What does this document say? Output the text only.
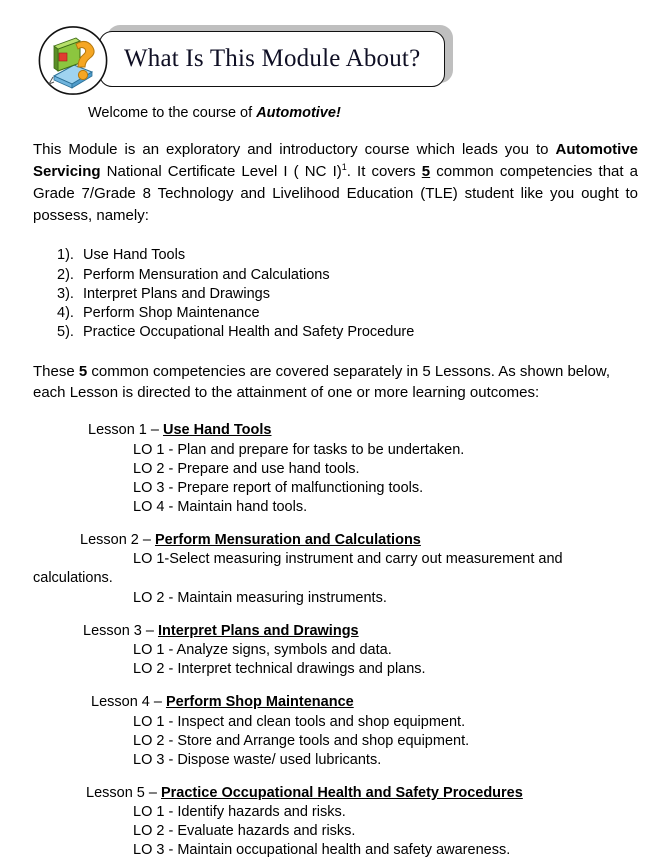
What Is This Module About?
Welcome to the course of Automotive!

This Module is an exploratory and introductory course which leads you to Automotive Servicing National Certificate Level I ( NC I)$^1$. It covers 5 common competencies that a Grade 7/Grade 8 Technology and Livelihood Education (TLE) student like you ought to possess, namely:

1). Use Hand Tools
2). Perform Mensuration and Calculations
3). Interpret Plans and Drawings
4). Perform Shop Maintenance
5). Practice Occupational Health and Safety Procedure

These 5 common competencies are covered separately in 5 Lessons. As shown below, each Lesson is directed to the attainment of one or more learning outcomes:

Lesson 1 – Use Hand Tools
LO 1 - Plan and prepare for tasks to be undertaken.
LO 2 - Prepare and use hand tools.
LO 3 - Prepare report of malfunctioning tools.
LO 4 - Maintain hand tools.
Lesson 2 – Perform Mensuration and Calculations
LO 1-Select measuring instrument and carry out measurement and calculations.
LO 2 - Maintain measuring instruments.
Lesson 3 – Interpret Plans and Drawings
LO 1 - Analyze signs, symbols and data.
LO 2 - Interpret technical drawings and plans.
Lesson 4 – Perform Shop Maintenance
LO 1 - Inspect and clean tools and shop equipment.
LO 2 - Store and Arrange tools and shop equipment.
LO 3 - Dispose waste/ used lubricants.
Lesson 5 – Practice Occupational Health and Safety Procedures
LO 1 - Identify hazards and risks.
LO 2 - Evaluate hazards and risks.
LO 3 - Maintain occupational health and safety awareness.
